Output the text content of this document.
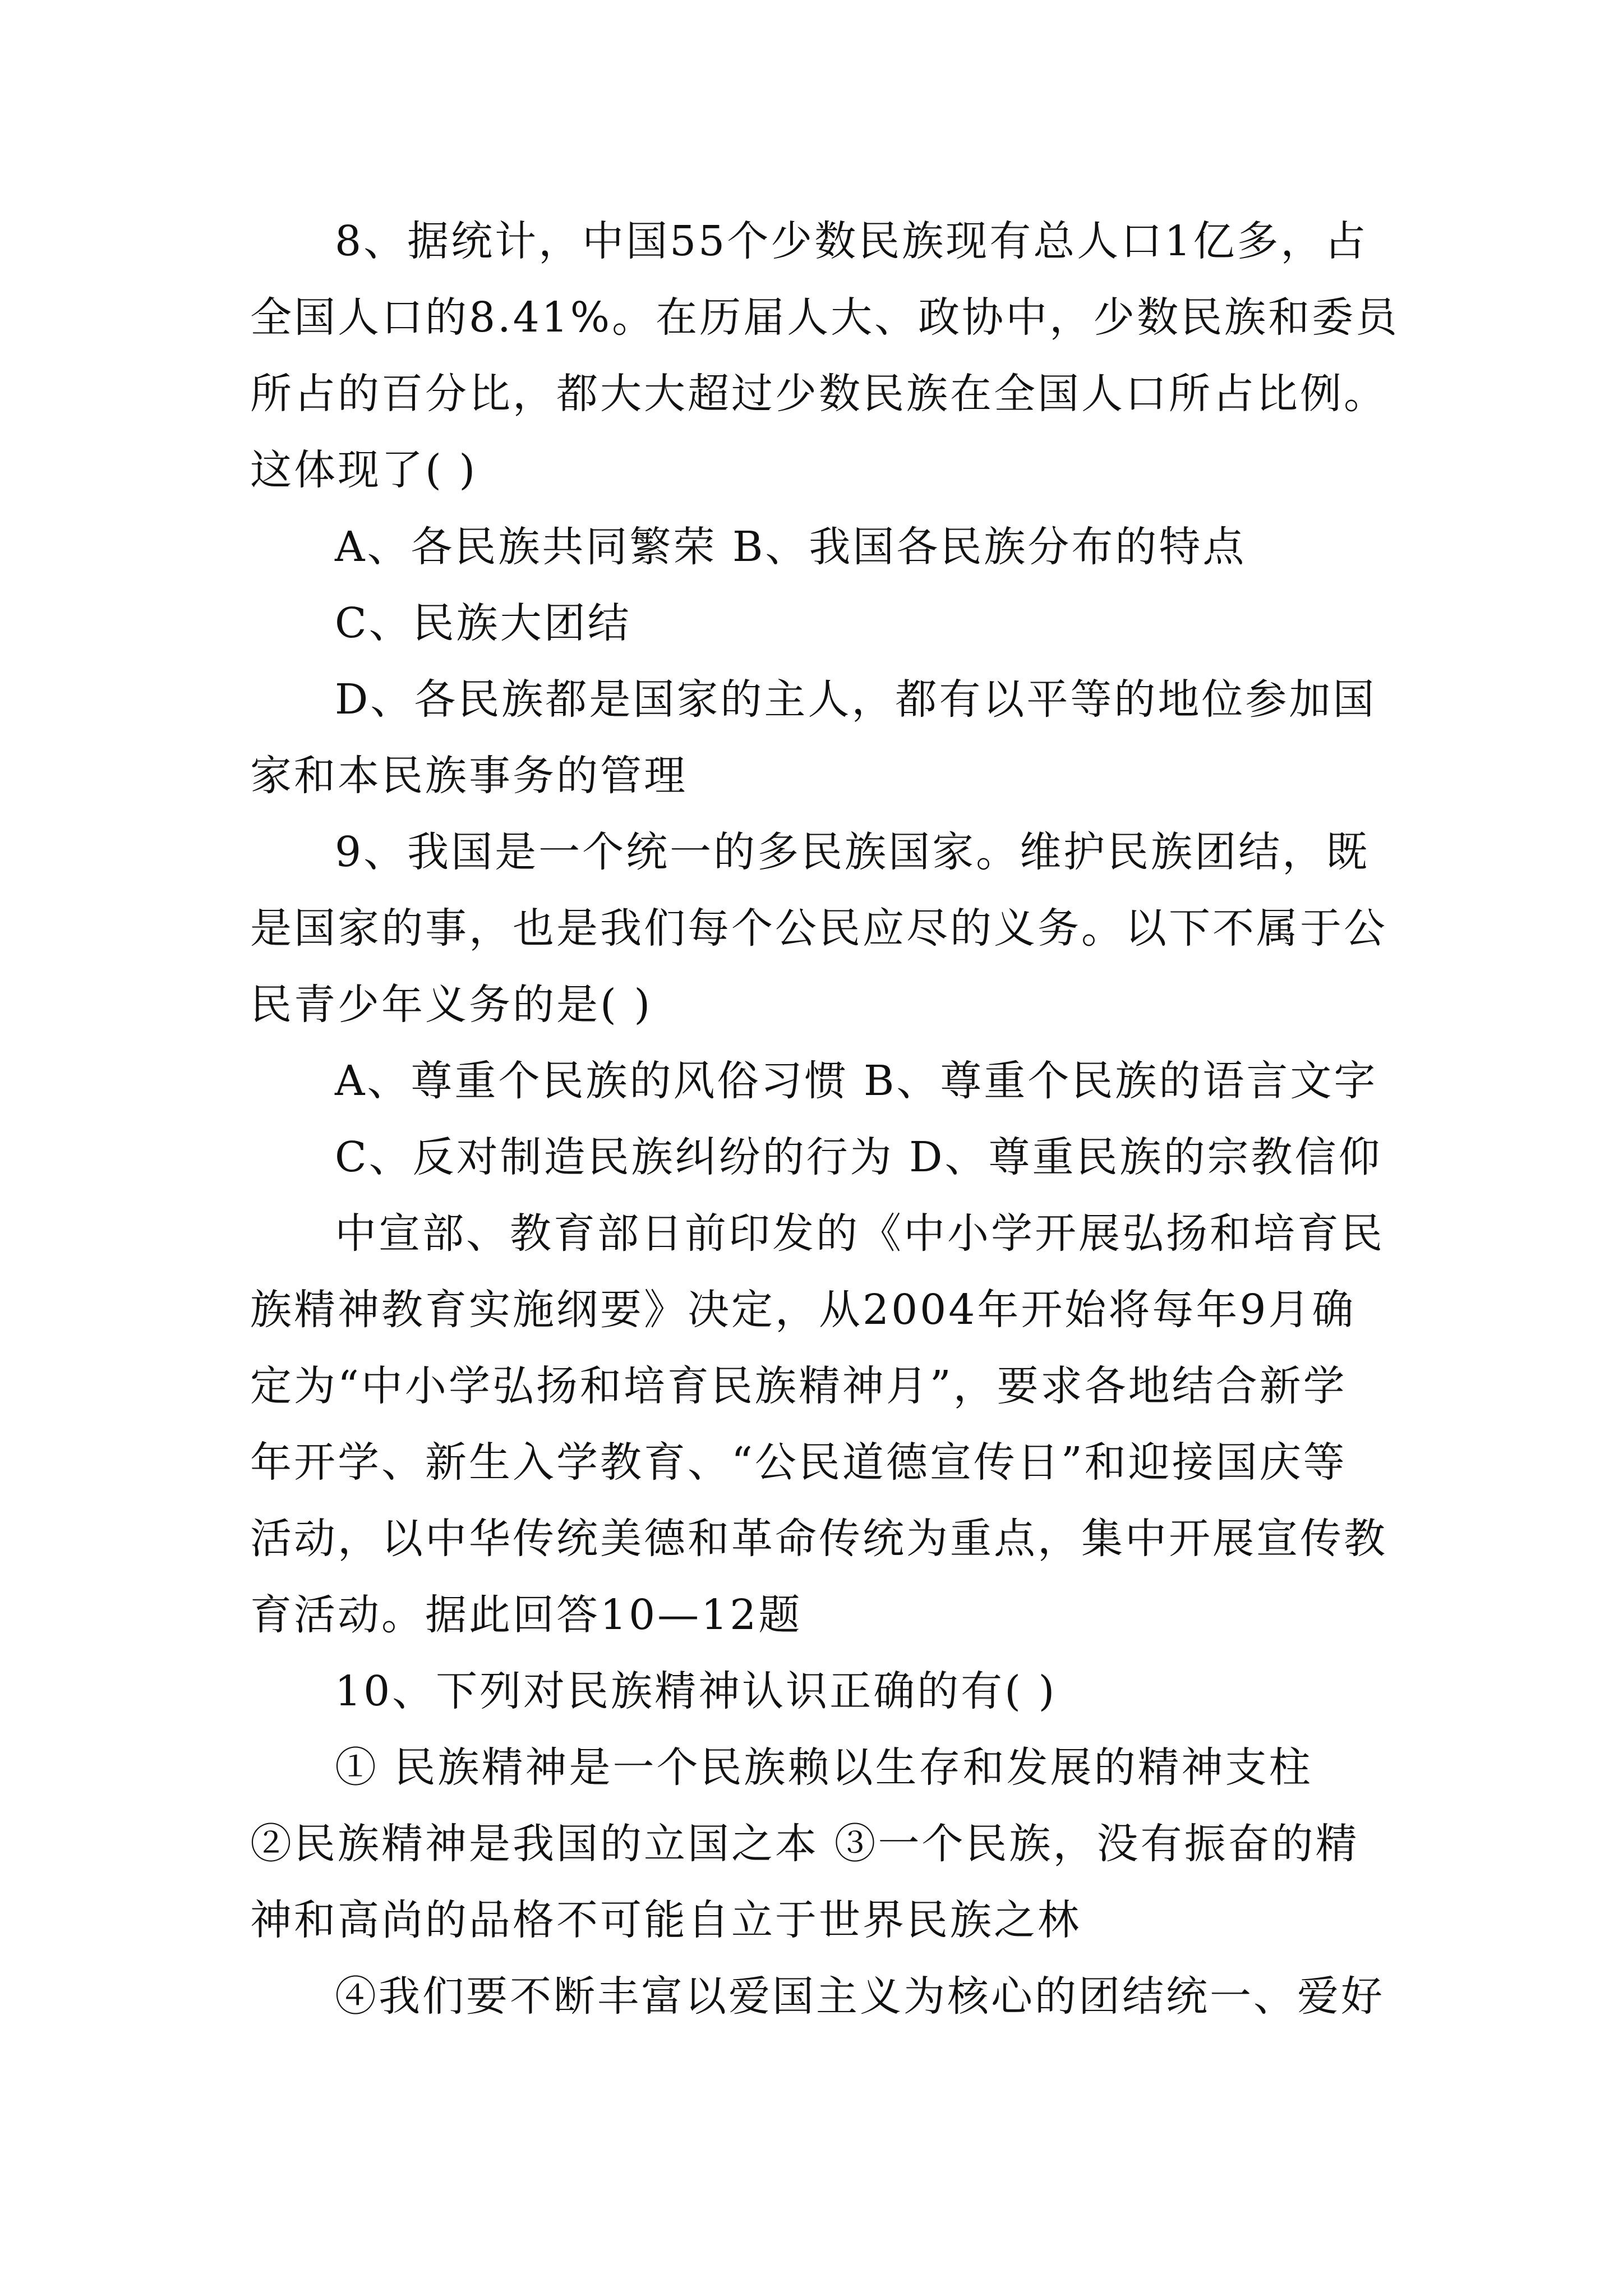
8、据统计，中国55个少数民族现有总人口1亿多，占
全国人口的8.41%。在历届人大、政协中，少数民族和委员
所占的百分比，都大大超过少数民族在全国人口所占比例。
这体现了( )
A、各民族共同繁荣 B、我国各民族分布的特点
C、民族大团结
D、各民族都是国家的主人，都有以平等的地位参加国
家和本民族事务的管理
9、我国是一个统一的多民族国家。维护民族团结，既
是国家的事，也是我们每个公民应尽的义务。以下不属于公
民青少年义务的是( )
A、尊重个民族的风俗习惯 B、尊重个民族的语言文字
C、反对制造民族纠纷的行为 D、尊重民族的宗教信仰
中宣部、教育部日前印发的《中小学开展弘扬和培育民
族精神教育实施纲要》决定，从2004年开始将每年9月确
定为“中小学弘扬和培育民族精神月”，要求各地结合新学
年开学、新生入学教育、“公民道德宣传日”和迎接国庆等
活动，以中华传统美德和革命传统为重点，集中开展宣传教
育活动。据此回答10—12题
10、下列对民族精神认识正确的有( )
① 民族精神是一个民族赖以生存和发展的精神支柱
②民族精神是我国的立国之本 ③一个民族，没有振奋的精
神和高尚的品格不可能自立于世界民族之林
④我们要不断丰富以爱国主义为核心的团结统一、爱好
